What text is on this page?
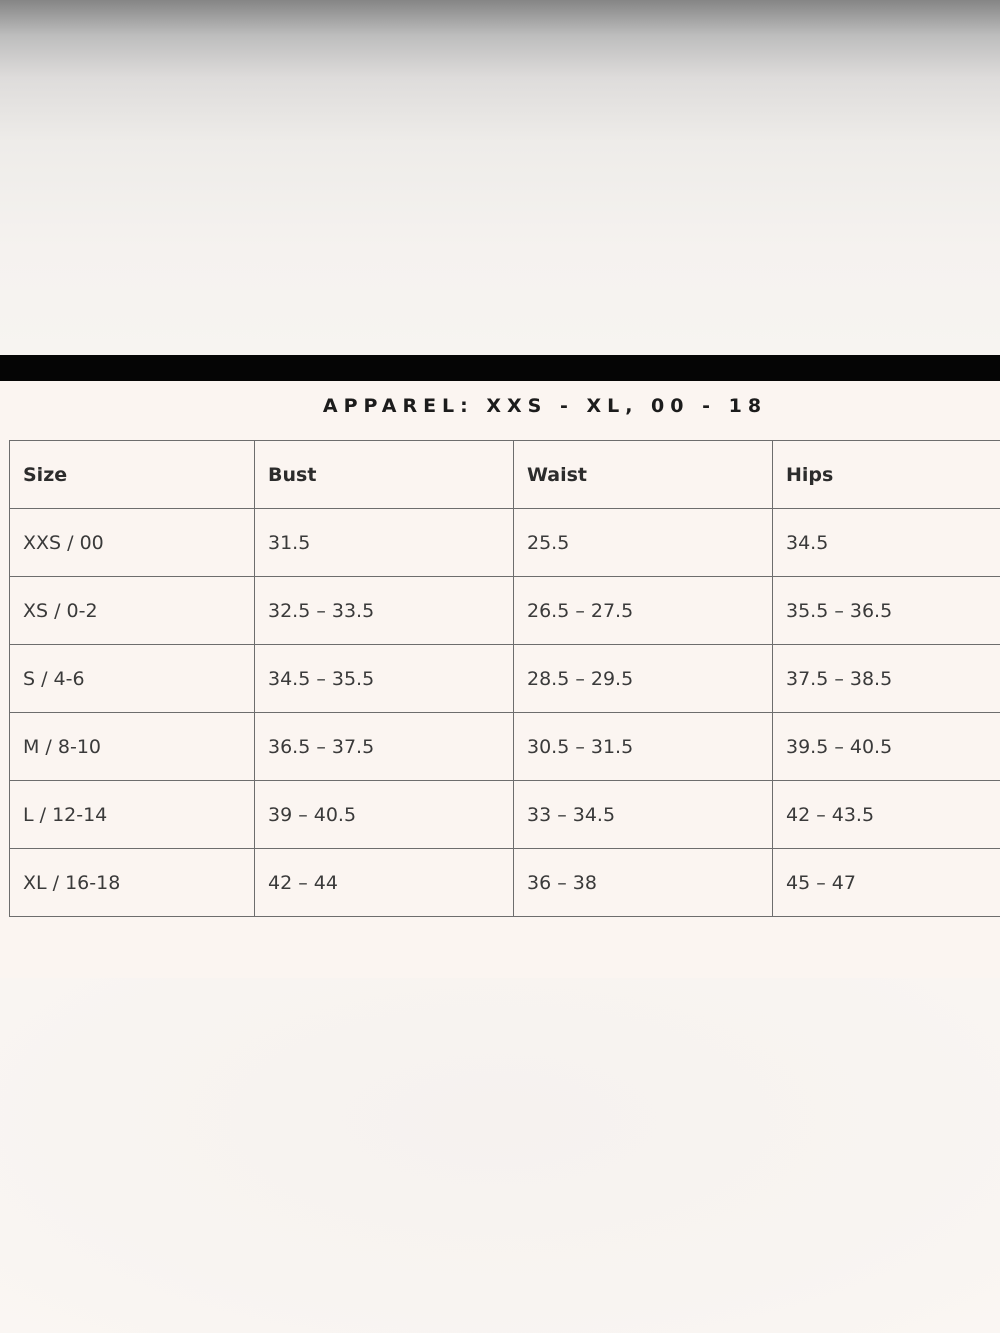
APPAREL: XXS - XL, 00 - 18
Size	Bust	Waist	Hips
XXS / 00	31.5	25.5	34.5
XS / 0-2	32.5 – 33.5	26.5 – 27.5	35.5 – 36.5
S / 4-6	34.5 – 35.5	28.5 – 29.5	37.5 – 38.5
M / 8-10	36.5 – 37.5	30.5 – 31.5	39.5 – 40.5
L / 12-14	39 – 40.5	33 – 34.5	42 – 43.5
XL / 16-18	42 – 44	36 – 38	45 – 47
